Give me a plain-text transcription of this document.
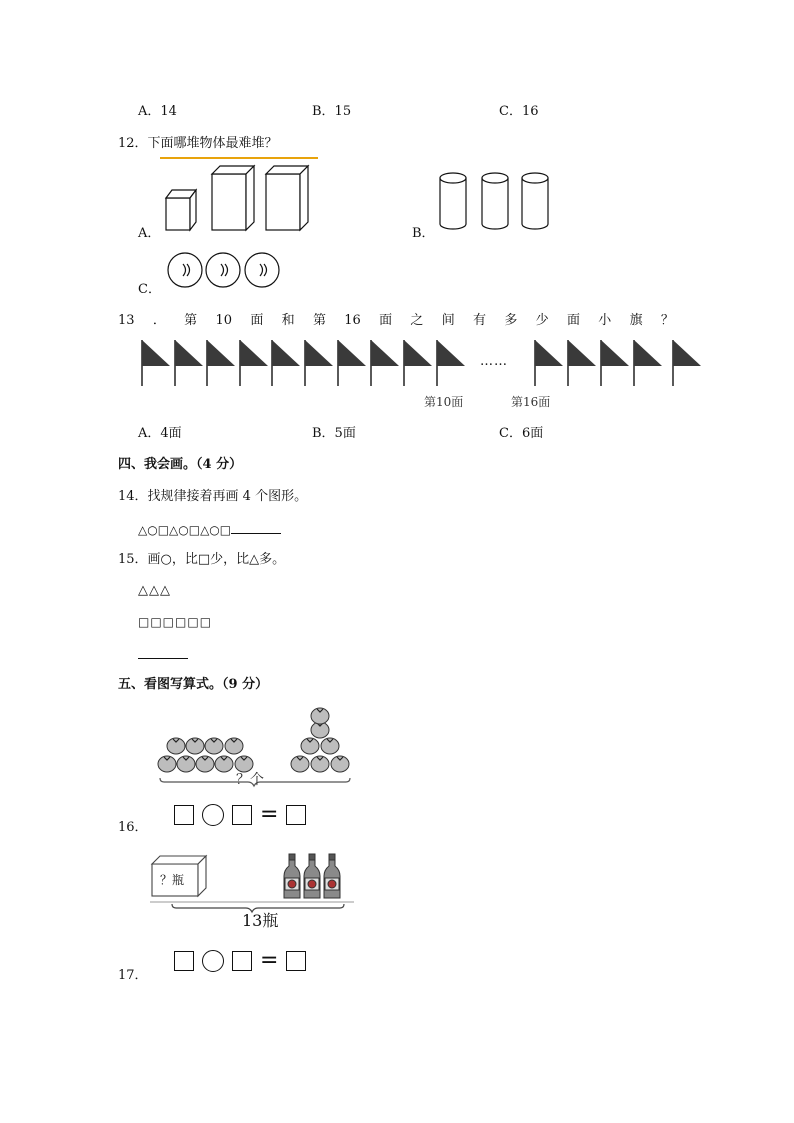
A．14	B．15	C．16
12．下面哪堆物体最难堆？
A．	B．
C．
13 ． 第 10 面 和 第 16 面 之 间 有 多 少 面 小 旗 ？
……
第10面	第16面
A．4面	B．5面	C．6面
四、我会画。（4 分）
14．找规律接着再画 4 个图形。
△○□△○□△○□
15．画○，比□少，比△多。
△△△
□□□□□□
五、看图写算式。（9 分）
？个
=
16．
？瓶
13瓶
=
17．
